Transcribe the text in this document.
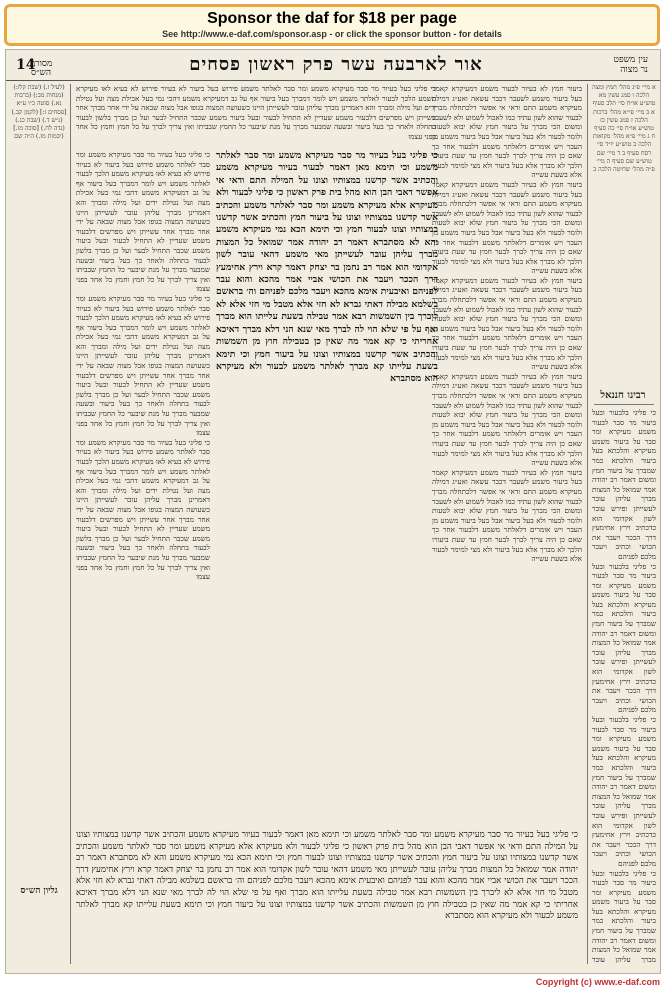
Sponsor the daf for $18 per page
See http://www.e-daf.com/sponsor.asp - or click the sponsor button - for details
14	אור לארבעה עשר פרק ראשון פסחים	עין משפט נר מצוה
מסורת הש״ס

א מיי׳ פ״ג מהל׳ חמץ ומצה הלכה ו סמג עשין מא טוש״ע או״ח סי׳ תלב סעיף א ב מיי׳ פי״א מהל׳ ברכות הלכה ז סמג עשין כז טוש״ע או״ח סי׳ כה סעיף ח ג מיי׳ פ״א מהל׳ מקואות הלכה ב טוש״ע יו״ד סי׳ רסח סעיף ב ד מיי׳ שם טוש״ע שם סעיף ה מיי׳ פ״ה מהל׳ שחיטה הלכה ב

רבינו חננאל

כי פליגי בלבעור ובעל ביעור מר סבר לבעור משמע מעיקרא ומר סבר על ביעור משמע מעיקרא והלכתא בעל ביעור והלכתא כמר שמברך על ביעור חמץ ומשום דאמר רב יהודה אמר שמואל כל המצות מברך עליהן עובר לעשייתן ופירש עובר לשון אקדומי הוא כדכתיב וירץ אחימעץ דרך הככר ויעבר את הכושי וכתיב ויעבר מלכם לפניהם

כי פליגי בלבעור ובעל ביעור מר סבר לבעור משמע מעיקרא ומר סבר על ביעור משמע מעיקרא והלכתא בעל ביעור והלכתא כמר שמברך על ביעור חמץ ומשום דאמר רב יהודה אמר שמואל כל המצות מברך עליהן עובר לעשייתן ופירש עובר לשון אקדומי הוא כדכתיב וירץ אחימעץ דרך הככר ויעבר את הכושי וכתיב ויעבר מלכם לפניהם

כי פליגי בלבעור ובעל ביעור מר סבר לבעור משמע מעיקרא ומר סבר על ביעור משמע מעיקרא והלכתא בעל ביעור והלכתא כמר שמברך על ביעור חמץ ומשום דאמר רב יהודה אמר שמואל כל המצות מברך עליהן עובר לעשייתן ופירש עובר לשון אקדומי הוא כדכתיב וירץ אחימעץ דרך הככר ויעבר את הכושי וכתיב ויעבר מלכם לפניהם

כי פליגי בלבעור ובעל ביעור מר סבר לבעור משמע מעיקרא ומר סבר על ביעור משמע מעיקרא והלכתא בעל ביעור והלכתא כמר שמברך על ביעור חמץ ומשום דאמר רב יהודה אמר שמואל כל המצות מברך עליהן עובר

ביעור חמץ לא בעיור לבעור משמע דמעיקרא קאמר בעל ביעור משמע לשעבר דכבר עשאה ואע״ג דמילה מעיקרא משמע התם ודאי אי אפשר דלכתחלה מברך לבעור שהוא לשון עתיד כמו לאכול לשמוע ולא לשעבר ומשום הכי מברך על ביעור חמץ שלא יבוא לטעות ולומר לבעור ולא בעל ביעור אבל בעל ביעור משמע מן העבר ויש אומרים דלאלתר משמע דלבעור אחר כך שאם כן היה צריך לברך לבער חמץ עד שעת ביעורו הלכך לא מברך אלא בעל ביעור ולא מצי למימר לבעור אלא בשעת עשייה

ביעור חמץ לא בעיור לבעור משמע דמעיקרא קאמר בעל ביעור משמע לשעבר דכבר עשאה ואע״ג דמילה מעיקרא משמע התם ודאי אי אפשר דלכתחלה מברך לבעור שהוא לשון עתיד כמו לאכול לשמוע ולא לשעבר ומשום הכי מברך על ביעור חמץ שלא יבוא לטעות ולומר לבעור ולא בעל ביעור אבל בעל ביעור משמע מן העבר ויש אומרים דלאלתר משמע דלבעור אחר כך שאם כן היה צריך לברך לבער חמץ עד שעת ביעורו הלכך לא מברך אלא בעל ביעור ולא מצי למימר לבעור אלא בשעת עשייה

ביעור חמץ לא בעיור לבעור משמע דמעיקרא קאמר בעל ביעור משמע לשעבר דכבר עשאה ואע״ג דמילה מעיקרא משמע התם ודאי אי אפשר דלכתחלה מברך לבעור שהוא לשון עתיד כמו לאכול לשמוע ולא לשעבר ומשום הכי מברך על ביעור חמץ שלא יבוא לטעות ולומר לבעור ולא בעל ביעור אבל בעל ביעור משמע מן העבר ויש אומרים דלאלתר משמע דלבעור אחר כך שאם כן היה צריך לברך לבער חמץ עד שעת ביעורו הלכך לא מברך אלא בעל ביעור ולא מצי למימר לבעור אלא בשעת עשייה

ביעור חמץ לא בעיור לבעור משמע דמעיקרא קאמר בעל ביעור משמע לשעבר דכבר עשאה ואע״ג דמילה מעיקרא משמע התם ודאי אי אפשר דלכתחלה מברך לבעור שהוא לשון עתיד כמו לאכול לשמוע ולא לשעבר ומשום הכי מברך על ביעור חמץ שלא יבוא לטעות ולומר לבעור ולא בעל ביעור אבל בעל ביעור משמע מן העבר ויש אומרים דלאלתר משמע דלבעור אחר כך שאם כן היה צריך לברך לבער חמץ עד שעת ביעורו הלכך לא מברך אלא בעל ביעור ולא מצי למימר לבעור אלא בשעת עשייה

ביעור חמץ לא בעיור לבעור משמע דמעיקרא קאמר בעל ביעור משמע לשעבר דכבר עשאה ואע״ג דמילה מעיקרא משמע התם ודאי אי אפשר דלכתחלה מברך לבעור שהוא לשון עתיד כמו לאכול לשמוע ולא לשעבר ומשום הכי מברך על ביעור חמץ שלא יבוא לטעות ולומר לבעור ולא בעל ביעור אבל בעל ביעור משמע מן העבר ויש אומרים דלאלתר משמע דלבעור אחר כך שאם כן היה צריך לברך לבער חמץ עד שעת ביעורו הלכך לא מברך אלא בעל ביעור ולא מצי למימר לבעור אלא בשעת עשייה

כי פליגי בעל בעיור מר סבר מעיקרא משמע ומר סבר לאלתר משמע וכי תימא מאן דאמר לבעור בעיור מעיקרא משמע והכתיב אשר קדשנו במצותיו וצונו על המילה התם ודאי אי אפשר דאבי הבן הוא מהל בית פרק ראשון כי פליגי לבעור ולא מעיקרא אלא מעיקרא משמע ומר סבר לאלתר משמע והכתיב אשר קדשנו במצותיו וצונו על ביעור חמץ והכתיב אשר קדשנו במצותיו וצונו לבעור חמץ וכי תימא הכא נמי מעיקרא משמע והא לא מסתברא דאמר רב יהודה אמר שמואל כל המצות מברך עליהן עובר לעשייתן מאי משמע דהאי עובר לשון אקדומי הוא אמר רב נחמן בר יצחק דאמר קרא וירץ אחימעץ דרך הככר ויעבר את הכושי אביי אמר מהכא והוא עבר לפניהם ואיבעית אימא מהכא ויעבר מלכם לפניהם וה׳ בראשם בשלמא מבילה דאתי גברא לא חזי אלא מטבל מי חזי אלא לא ליברך בין השמשות רבא אמר טבילה בשעת עלייתו הוא מברך ואף על פי שלא הוי לה לברך מאי שנא הני דלא מברך דאיכא אחריתי כי קא אמר מה שאין כן בטבילה חוץ מן השמשות והכתיב אשר קדשנו במצותיו וצונו על ביעור חמץ וכי תימא בשעת עלייתו קא מברך לאלתר משמע לבעור ולא מעיקרא הוא מסתברא

כי פליגי בעל בעיור מר סבר מעיקרא משמע ומר סבר לאלתר משמע פירוש בעל ביעור לא בעיור פירוש לא בעיא לאו מעיקרא משמע הלכך לבעור לאלתר משמע ויש לומר דמברך בעל ביעור אף על גב דמעיקרא משמע דהכי נמי בעל אכילת מצה ועל נטילת ידים ועל מילה ומברך והא דאמרינן מברך עליהן עובר לעשייתן היינו כשעושה המצוה בגופו אבל מצוה שבאה על ידי אחר מברך אחר עשייתן ויש מפרשים דלבעור משמע שעדיין לא התחיל לבעור ובעל ביעור משמע שכבר התחיל לבער ועל כן מברך בלשון לבעור בתחלה ולאחר כך בעל ביעור ובשעה שמבער מברך על מנת שיבער כל החמץ שבביתו ואין צריך לברך על כל חמץ וחמץ כל אחד בפני עצמו

כי פליגי בעל בעיור מר סבר מעיקרא משמע ומר סבר לאלתר משמע פירוש בעל ביעור לא בעיור פירוש לא בעיא לאו מעיקרא משמע הלכך לבעור לאלתר משמע ויש לומר דמברך בעל ביעור אף על גב דמעיקרא משמע דהכי נמי בעל אכילת מצה ועל נטילת ידים ועל מילה ומברך והא דאמרינן מברך עליהן עובר לעשייתן היינו כשעושה המצוה בגופו אבל מצוה שבאה על ידי אחר מברך אחר עשייתן ויש מפרשים דלבעור משמע שעדיין לא התחיל לבעור ובעל ביעור משמע שכבר התחיל לבער ועל כן מברך בלשון לבעור בתחלה ולאחר כך בעל ביעור ובשעה שמבער מברך על מנת שיבער כל החמץ שבביתו ואין צריך לברך על כל חמץ וחמץ כל אחד בפני עצמו

כי פליגי בעל בעיור מר סבר מעיקרא משמע ומר סבר לאלתר משמע פירוש בעל ביעור לא בעיור פירוש לא בעיא לאו מעיקרא משמע הלכך לבעור לאלתר משמע ויש לומר דמברך בעל ביעור אף על גב דמעיקרא משמע דהכי נמי בעל אכילת מצה ועל נטילת ידים ועל מילה ומברך והא דאמרינן מברך עליהן עובר לעשייתן היינו כשעושה המצוה בגופו אבל מצוה שבאה על ידי אחר מברך אחר עשייתן ויש מפרשים דלבעור משמע שעדיין לא התחיל לבעור ובעל ביעור משמע שכבר התחיל לבער ועל כן מברך בלשון לבעור בתחלה ולאחר כך בעל ביעור ובשעה שמבער מברך על מנת שיבער כל החמץ שבביתו ואין צריך לברך על כל חמץ וחמץ כל אחד בפני עצמו

כי פליגי בעל בעיור מר סבר מעיקרא משמע ומר סבר לאלתר משמע פירוש בעל ביעור לא בעיור פירוש לא בעיא לאו מעיקרא משמע הלכך לבעור לאלתר משמע ויש לומר דמברך בעל ביעור אף על גב דמעיקרא משמע דהכי נמי בעל אכילת מצה ועל נטילת ידים ועל מילה ומברך והא דאמרינן מברך עליהן עובר לעשייתן היינו כשעושה המצוה בגופו אבל מצוה שבאה על ידי אחר מברך אחר עשייתן ויש מפרשים דלבעור משמע שעדיין לא התחיל לבעור ובעל ביעור משמע שכבר התחיל לבער ועל כן מברך בלשון לבעור בתחלה ולאחר כך בעל ביעור ובשעה שמבער מברך על מנת שיבער כל החמץ שבביתו ואין צריך לברך על כל חמץ וחמץ כל אחד בפני עצמו

כי פליגי בעל בעיור מר סבר מעיקרא משמע ומר סבר לאלתר משמע וכי תימא מאן דאמר לבעור בעיור מעיקרא משמע והכתיב אשר קדשנו במצותיו וצונו על המילה התם ודאי אי אפשר דאבי הבן הוא מהל בית פרק ראשון כי פליגי לבעור ולא מעיקרא אלא מעיקרא משמע ומר סבר לאלתר משמע והכתיב אשר קדשנו במצותיו וצונו על ביעור חמץ והכתיב אשר קדשנו במצותיו וצונו לבעור חמץ וכי תימא הכא נמי מעיקרא משמע והא לא מסתברא דאמר רב יהודה אמר שמואל כל המצות מברך עליהן עובר לעשייתן מאי משמע דהאי עובר לשון אקדומי הוא אמר רב נחמן בר יצחק דאמר קרא וירץ אחימעץ דרך הככר ויעבר את הכושי אביי אמר מהכא והוא עבר לפניהם ואיבעית אימא מהכא ויעבר מלכם לפניהם וה׳ בראשם בשלמא מבילה דאתי גברא לא חזי אלא מטבל מי חזי אלא לא ליברך בין השמשות רבא אמר טבילה בשעת עלייתו הוא מברך ואף על פי שלא הוי לה לברך מאי שנא הני דלא מברך דאיכא אחריתי כי קא אמר מה שאין כן בטבילה חוץ מן השמשות והכתיב אשר קדשנו במצותיו וצונו על ביעור חמץ וכי תימא בשעת עלייתו קא מברך לאלתר משמע לבעור ולא מעיקרא הוא מסתברא

(לעיל ז.) (שבת קלז:) (מנחות מב:) (ברכות נא.) סוטה כ״ו ע״א [פסחים ז:] (לקמן קב.) (ג״ש ד.) (שבת כג.) (נדה לח.) [סוכה מו.] (יבמות מז.) ה״ה שם

גליון הש״ס
Copyright (c) www.e-daf.com
